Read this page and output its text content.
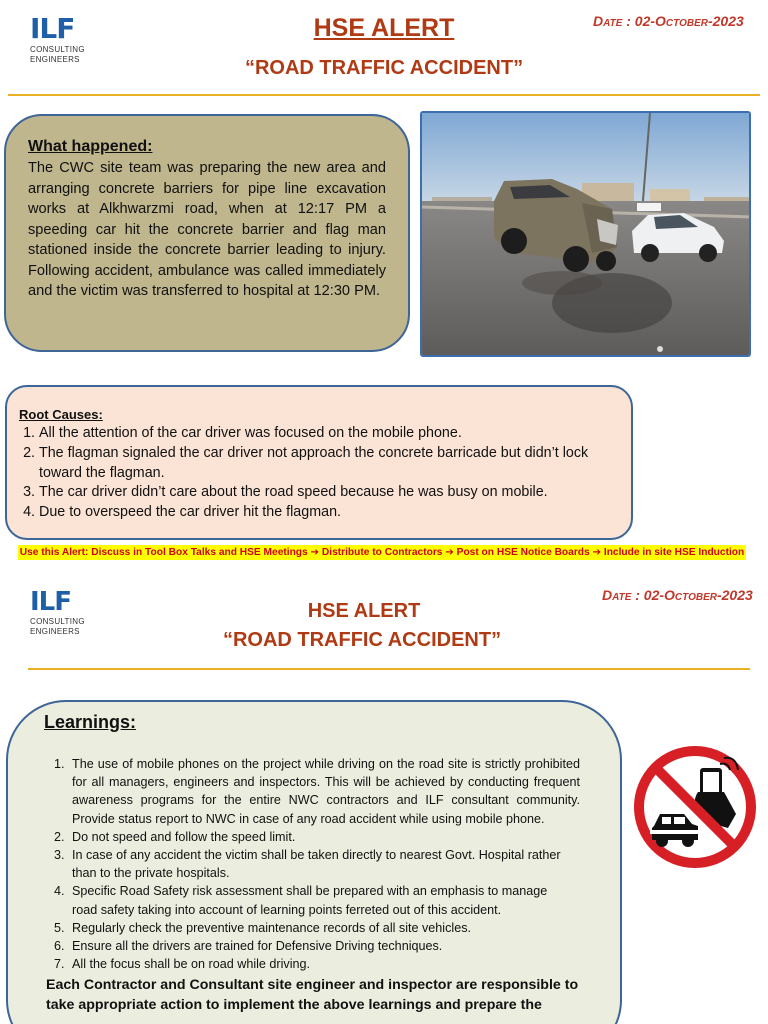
ILF
CONSULTING
ENGINEERS
HSE ALERT
“ROAD TRAFFIC ACCIDENT”
Date : 02-October-2023
What happened:

The CWC site team was preparing the new area and arranging concrete barriers for pipe line excavation works at Alkhwarzmi road, when at 12:17 PM a speeding car hit the concrete barrier and flag man stationed inside the concrete barrier leading to injury. Following accident, ambulance was called immediately and the victim was transferred to hospital at 12:30 PM.

Root Causes:
1. All the attention of the car driver was focused on the mobile phone.
2. The flagman signaled the car driver not approach the concrete barricade but didn’t lock toward the flagman.
3. The car driver didn’t care about the road speed because he was busy on mobile.
4. Due to overspeed the car driver hit the flagman.
Use this Alert: Discuss in Tool Box Talks and HSE Meetings ➔ Distribute to Contractors ➔ Post on HSE Notice Boards ➔ Include in site HSE Induction
ILF
CONSULTING
ENGINEERS
HSE ALERT
“ROAD TRAFFIC ACCIDENT”
Date : 02-October-2023
Learnings:
1. The use of mobile phones on the project while driving on the road site is strictly prohibited for all managers, engineers and inspectors. This will be achieved by conducting frequent awareness programs for the entire NWC contractors and ILF consultant community. Provide status report to NWC in case of any road accident while using mobile phone.
2. Do not speed and follow the speed limit.
3. In case of any accident the victim shall be taken directly to nearest Govt. Hospital rather than to the private hospitals.
4. Specific Road Safety risk assessment shall be prepared with an emphasis to manage road safety taking into account of learning points ferreted out of this accident.
5. Regularly check the preventive maintenance records of all site vehicles.
6. Ensure all the drivers are trained for Defensive Driving techniques.
7. All the focus shall be on road while driving.
Each Contractor and Consultant site engineer and inspector are responsible to take appropriate action to implement the above learnings and prepare the
